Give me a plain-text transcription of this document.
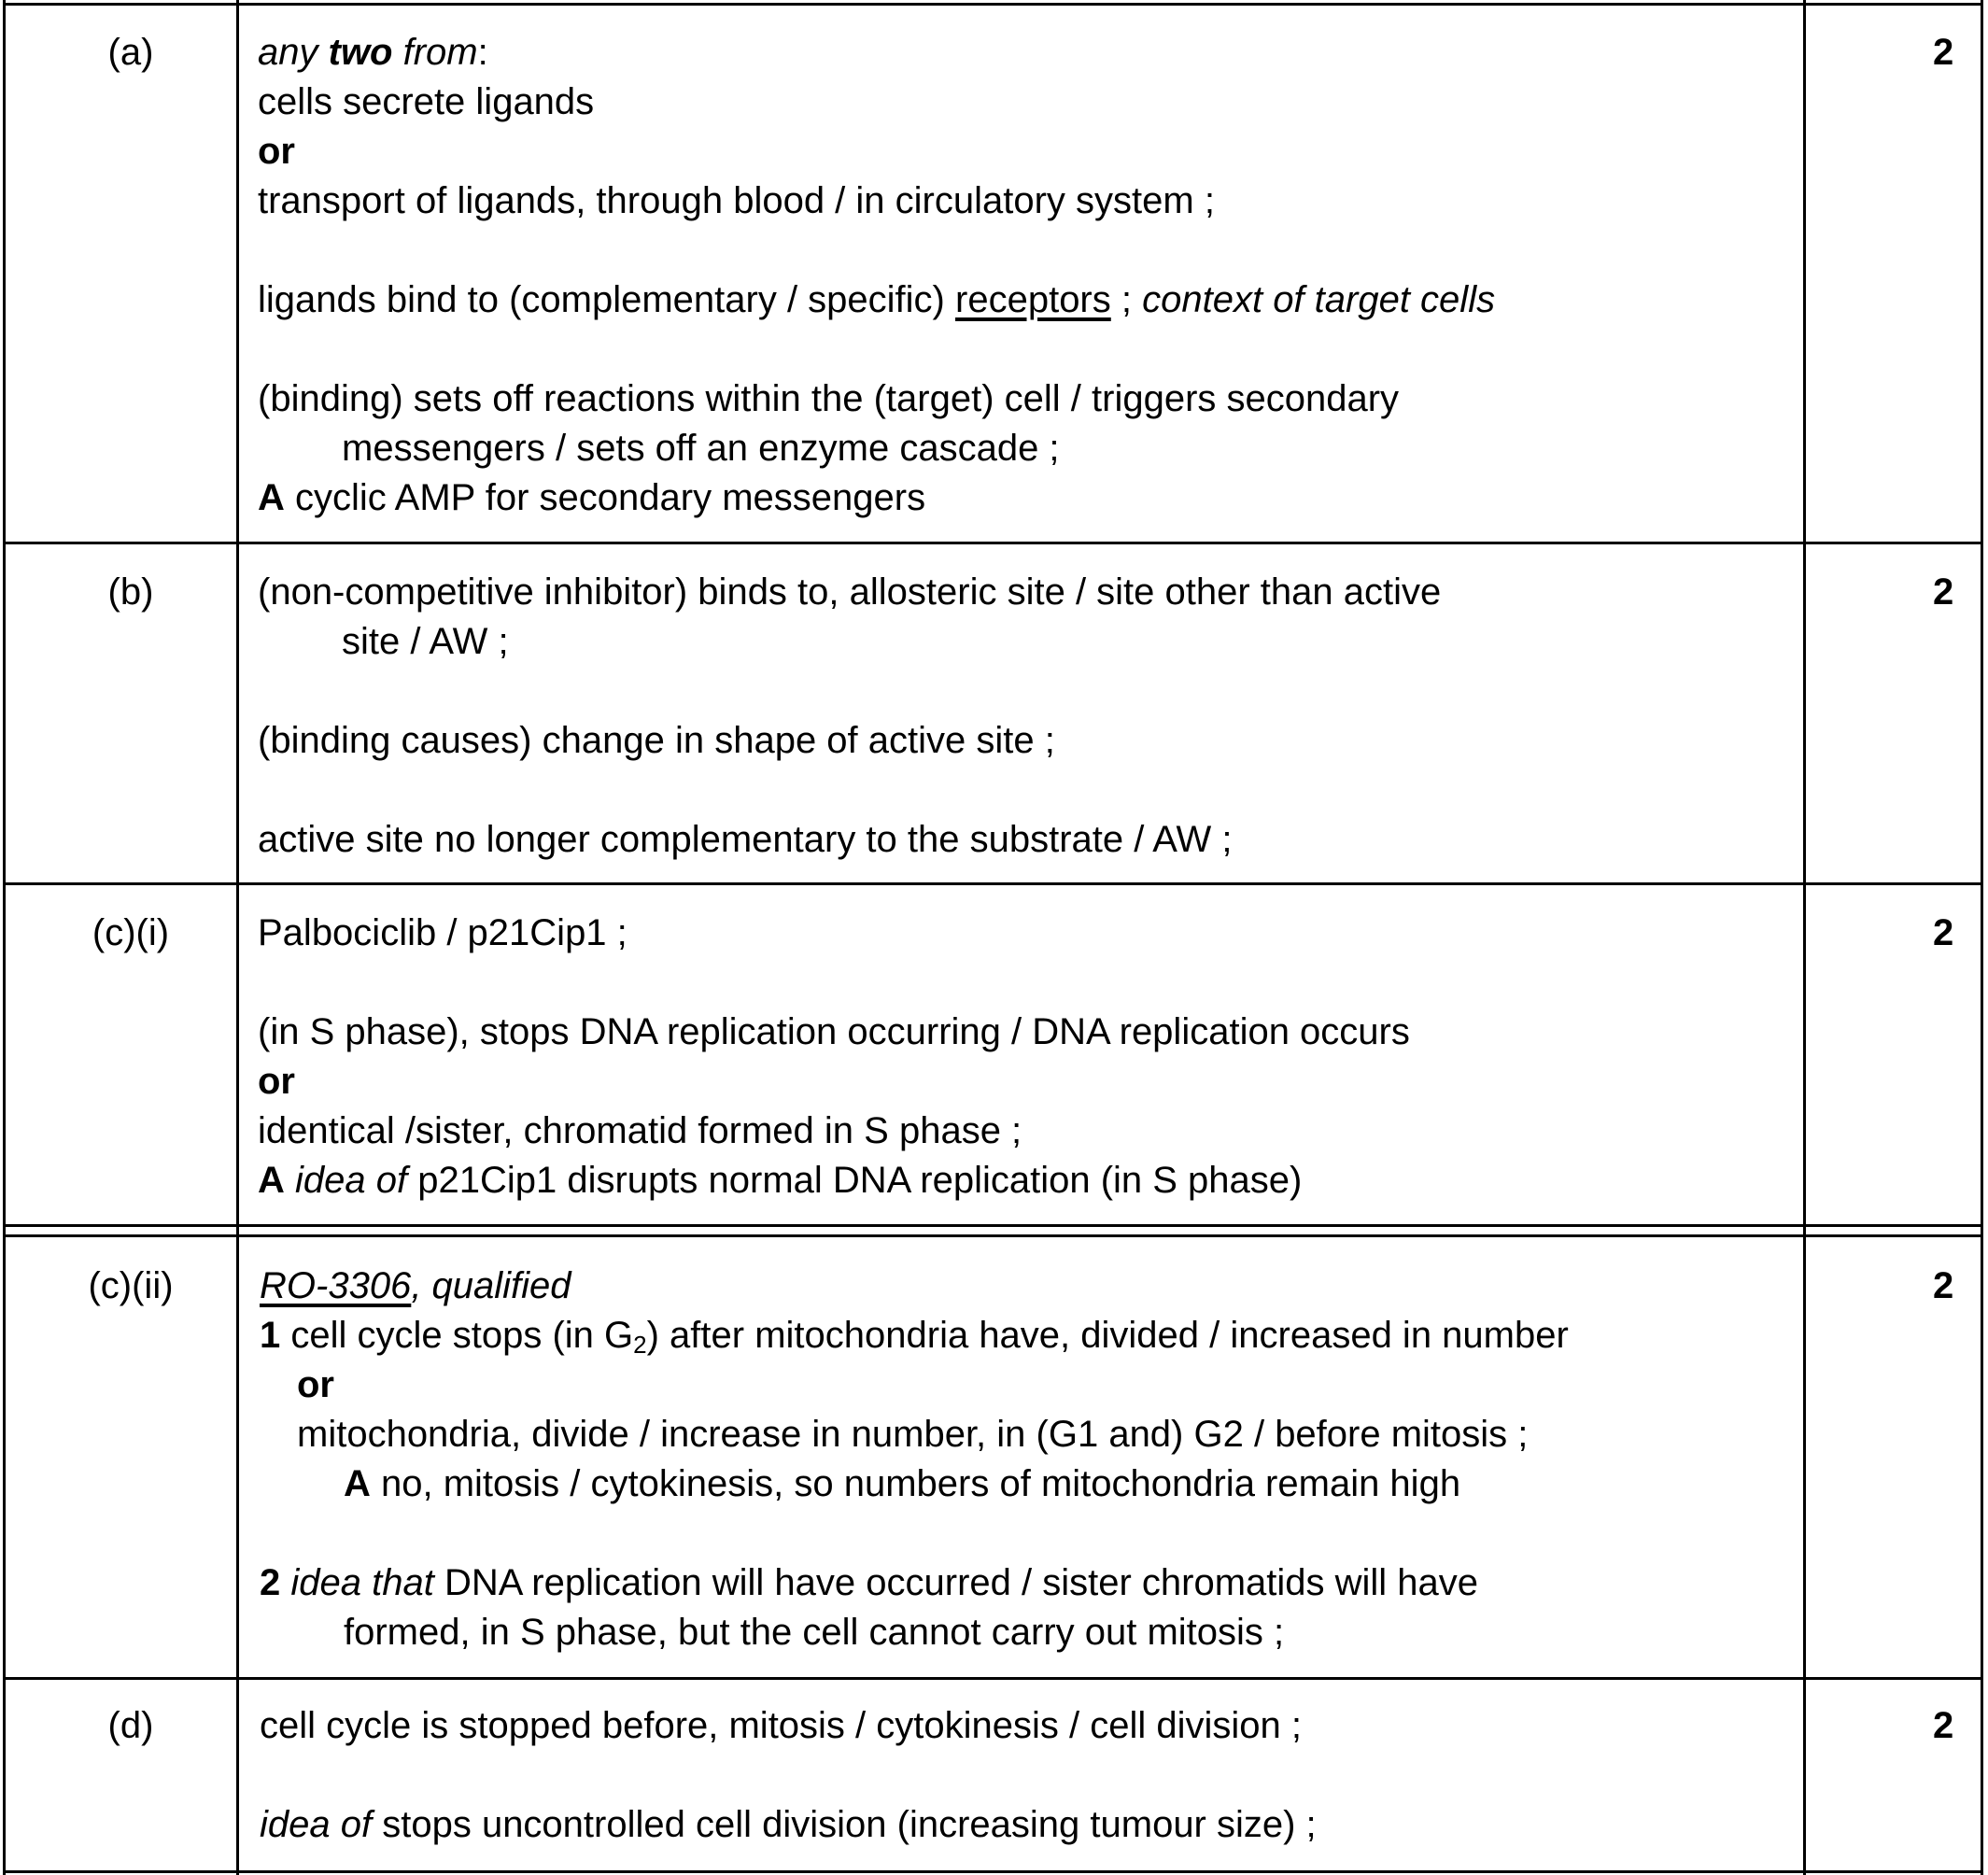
(a)	any two from:
cells secrete ligands
or
transport of ligands, through blood / in circulatory system ;
ligands bind to (complementary / specific) receptors ; context of target cells
(binding) sets off reactions within the (target) cell / triggers secondary
messengers / sets off an enzyme cascade ;
A cyclic AMP for secondary messengers
2
(b)	(non-competitive inhibitor) binds to, allosteric site / site other than active
site / AW ;
(binding causes) change in shape of active site ;
active site no longer complementary to the substrate / AW ;
2
(c)(i)	Palbociclib / p21Cip1 ;
(in S phase), stops DNA replication occurring / DNA replication occurs
or
identical /sister, chromatid formed in S phase ;
A idea of p21Cip1 disrupts normal DNA replication (in S phase)
2
(c)(ii)	RO-3306, qualified
1 cell cycle stops (in $G_2$) after mitochondria have, divided / increased in number
or
mitochondria, divide / increase in number, in (G1 and) G2 / before mitosis ;
A no, mitosis / cytokinesis, so numbers of mitochondria remain high
2 idea that DNA replication will have occurred / sister chromatids will have
formed, in S phase, but the cell cannot carry out mitosis ;
2
(d)	cell cycle is stopped before, mitosis / cytokinesis / cell division ;
idea of stops uncontrolled cell division (increasing tumour size) ;
2
